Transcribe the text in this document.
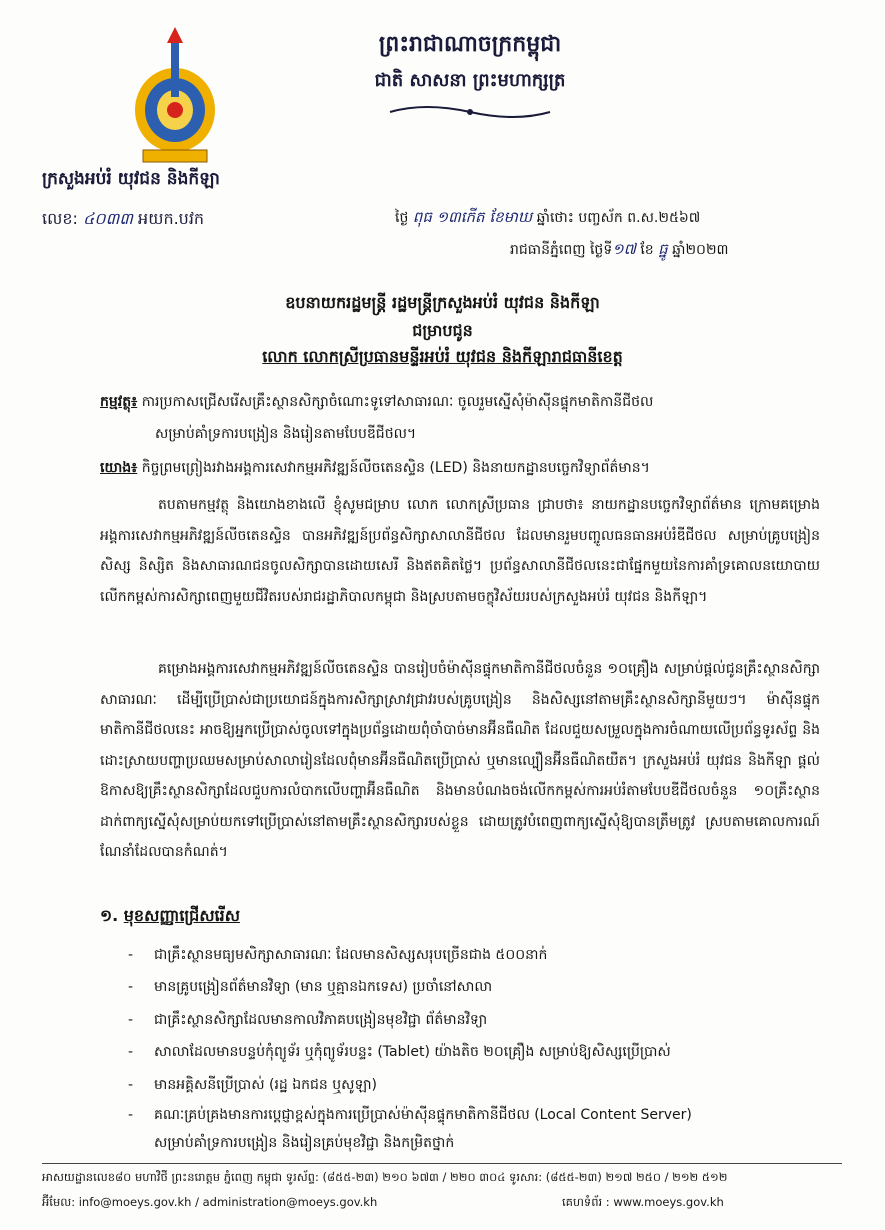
ព្រះរាជាណាចក្រកម្ពុជា
ជាតិ សាសនា ព្រះមហាក្សត្រ
ក្រសួងអប់រំ យុវជន និងកីឡា
លេខ: ៤០៣៣ អយក.បវក	ថ្ងៃ ពុធ ១៣កើត ខែមាឃ ឆ្នាំថោះ បញ្ចស័ក ព.ស.២៥៦៧
រាជធានីភ្នំពេញ ថ្ងៃទី១៧ ខែ ធ្នូ ឆ្នាំ២០២៣
ឧបនាយករដ្ឋមន្ត្រី រដ្ឋមន្ត្រីក្រសួងអប់រំ យុវជន និងកីឡា
ជម្រាបជូន
លោក លោកស្រីប្រធានមន្ទីរអប់រំ យុវជន និងកីឡារាជធានីខេត្ត
កម្មវត្ថុ៖ ការប្រកាសជ្រើសរើសគ្រឹះស្ថានសិក្សាចំណោះទូទៅសាធារណៈ ចូលរួមស្នើសុំម៉ាស៊ីនផ្ទុកមាតិកានីជីថល
សម្រាប់គាំទ្រការបង្រៀន និងរៀនតាមបែបឌីជីថល។
យោង៖ កិច្ចព្រមព្រៀងរវាងអង្គការសេវាកម្មអភិវឌ្ឍន៍លីចតេនស្ទិន (LED) និងនាយកដ្ឋានបច្ចេកវិទ្យាព័ត៌មាន។
តបតាមកម្មវត្ថុ និងយោងខាងលើ ខ្ញុំសូមជម្រាប លោក លោកស្រីប្រធាន ជ្រាបថា៖ នាយកដ្ឋានបច្ចេកវិទ្យាព័ត៌មាន ក្រោមគម្រោងអង្គការសេវាកម្មអភិវឌ្ឍន៍លីចតេនស្ទិន បានអភិវឌ្ឍន៍ប្រព័ន្ធសិក្សាសាលានីជីថល ដែលមានរួមបញ្ចូលធនធានអប់រំឌីជីថល សម្រាប់គ្រូបង្រៀន សិស្ស និស្សិត និងសាធារណជនចូលសិក្សាបានដោយសេរី និងឥតគិតថ្លៃ។ ប្រព័ន្ធសាលានីជីថលនេះជាផ្នែកមួយនៃការគាំទ្រគោលនយោបាយលើកកម្ពស់ការសិក្សាពេញមួយជីវិតរបស់រាជរដ្ឋាភិបាលកម្ពុជា និងស្របតាមចក្ខុវិស័យរបស់ក្រសួងអប់រំ យុវជន និងកីឡា។
គម្រោងអង្គការសេវាកម្មអភិវឌ្ឍន៍លីចតេនស្ទិន បានរៀបចំម៉ាស៊ីនផ្ទុកមាតិកានីជីថលចំនួន ១០គ្រឿង សម្រាប់ផ្តល់ជូនគ្រឹះស្ថានសិក្សាសាធារណៈ ដើម្បីប្រើប្រាស់ជាប្រយោជន៍ក្នុងការសិក្សាស្រាវជ្រាវរបស់គ្រូបង្រៀន និងសិស្សនៅតាមគ្រឹះស្ថានសិក្សានីមួយៗ។ ម៉ាស៊ីនផ្ទុកមាតិកានីជីថលនេះ អាចឱ្យអ្នកប្រើប្រាស់ចូលទៅក្នុងប្រព័ន្ធដោយពុំចាំបាច់មានអ៊ីនធឺណិត ដែលជួយសម្រួលក្នុងការចំណាយលើប្រព័ន្ធទូរស័ព្ទ និងដោះស្រាយបញ្ហាប្រឈមសម្រាប់សាលារៀនដែលពុំមានអ៊ីនធឺណិតប្រើប្រាស់ ឬមានល្បឿនអ៊ីនធឺណិតយឺត។ ក្រសួងអប់រំ យុវជន និងកីឡា ផ្តល់ឱកាសឱ្យគ្រឹះស្ថានសិក្សាដែលជួបការលំបាកលើបញ្ហាអ៊ីនធឺណិត និងមានបំណងចង់លើកកម្ពស់ការអប់រំតាមបែបឌីជីថលចំនួន ១០គ្រឹះស្ថាន ដាក់ពាក្យស្នើសុំសម្រាប់យកទៅប្រើប្រាស់នៅតាមគ្រឹះស្ថានសិក្សារបស់ខ្លួន ដោយត្រូវបំពេញពាក្យស្នើសុំឱ្យបានត្រឹមត្រូវ ស្របតាមគោលការណ៍ណែនាំដែលបានកំណត់។
១. មុខសញ្ញាជ្រើសរើស
- ជាគ្រឹះស្ថានមធ្យមសិក្សាសាធារណៈ ដែលមានសិស្សសរុបច្រើនជាង ៥០០នាក់
- មានគ្រូបង្រៀនព័ត៌មានវិទ្យា (មាន ឬគ្មានឯកទេស) ប្រចាំនៅសាលា
- ជាគ្រឹះស្ថានសិក្សាដែលមានកាលវិភាគបង្រៀនមុខវិជ្ជា ព័ត៌មានវិទ្យា
- សាលាដែលមានបន្ទប់កុំព្យូទ័រ ឬកុំព្យូទ័របន្ទះ (Tablet) យ៉ាងតិច ២០គ្រឿង សម្រាប់ឱ្យសិស្សប្រើប្រាស់
- មានអគ្គិសនីប្រើប្រាស់ (រដ្ឋ ឯកជន ឬសូឡា)
- គណៈគ្រប់គ្រងមានការប្តេជ្ញាខ្ពស់ក្នុងការប្រើប្រាស់ម៉ាស៊ីនផ្ទុកមាតិកានីជីថល (Local Content Server)
សម្រាប់គាំទ្រការបង្រៀន និងរៀនគ្រប់មុខវិជ្ជា និងកម្រិតថ្នាក់
អាសយដ្ឋានលេខ៨០ មហាវិថី ព្រះនរោត្តម ភ្នំពេញ កម្ពុជា ទូរស័ព្ទ: (៨៥៥-២៣) ២១០ ៦៧៣ / ២២០ ៣០៤ ទូរសារ: (៨៥៥-២៣) ២១៧ ២៥០ / ២១២ ៥១២
អ៊ីមែល: info@moeys.gov.kh / administration@moeys.gov.kh	គេហទំព័រ : www.moeys.gov.kh
